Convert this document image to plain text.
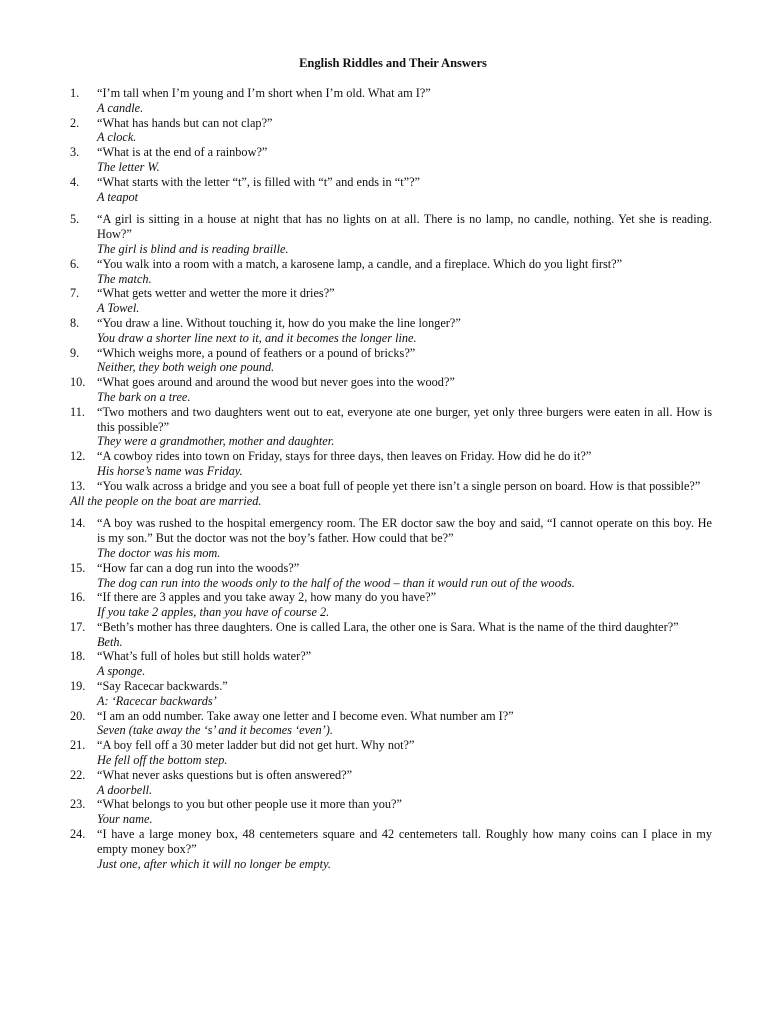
English Riddles and Their Answers
1. “I’m tall when I’m young and I’m short when I’m old. What am I?”
A candle.
2. “What has hands but can not clap?”
A clock.
3. “What is at the end of a rainbow?”
The letter W.
4. “What starts with the letter “t”, is filled with “t” and ends in “t”?”
A teapot
5. “A girl is sitting in a house at night that has no lights on at all. There is no lamp, no candle, nothing. Yet she is reading. How?”
The girl is blind and is reading braille.
6. “You walk into a room with a match, a karosene lamp, a candle, and a fireplace. Which do you light first?”
The match.
7. “What gets wetter and wetter the more it dries?”
A Towel.
8. “You draw a line. Without touching it, how do you make the line longer?”
You draw a shorter line next to it, and it becomes the longer line.
9. “Which weighs more, a pound of feathers or a pound of bricks?”
Neither, they both weigh one pound.
10. “What goes around and around the wood but never goes into the wood?”
The bark on a tree.
11. “Two mothers and two daughters went out to eat, everyone ate one burger, yet only three burgers were eaten in all. How is this possible?”
They were a grandmother, mother and daughter.
12. “A cowboy rides into town on Friday, stays for three days, then leaves on Friday. How did he do it?”
His horse’s name was Friday.
13. “You walk across a bridge and you see a boat full of people yet there isn’t a single person on board. How is that possible?”
All the people on the boat are married.
14. “A boy was rushed to the hospital emergency room. The ER doctor saw the boy and said, “I cannot operate on this boy. He is my son.” But the doctor was not the boy’s father. How could that be?”
The doctor was his mom.
15. “How far can a dog run into the woods?”
The dog can run into the woods only to the half of the wood – than it would run out of the woods.
16. “If there are 3 apples and you take away 2, how many do you have?”
If you take 2 apples, than you have of course 2.
17. “Beth’s mother has three daughters. One is called Lara, the other one is Sara. What is the name of the third daughter?”
Beth.
18. “What’s full of holes but still holds water?”
A sponge.
19. “Say Racecar backwards.”
A: ‘Racecar backwards’
20. “I am an odd number. Take away one letter and I become even. What number am I?”
Seven (take away the ‘s’ and it becomes ‘even’).
21. “A boy fell off a 30 meter ladder but did not get hurt. Why not?”
He fell off the bottom step.
22. “What never asks questions but is often answered?”
A doorbell.
23. “What belongs to you but other people use it more than you?”
Your name.
24. “I have a large money box, 48 centemeters square and 42 centemeters tall. Roughly how many coins can I place in my empty money box?”
Just one, after which it will no longer be empty.
